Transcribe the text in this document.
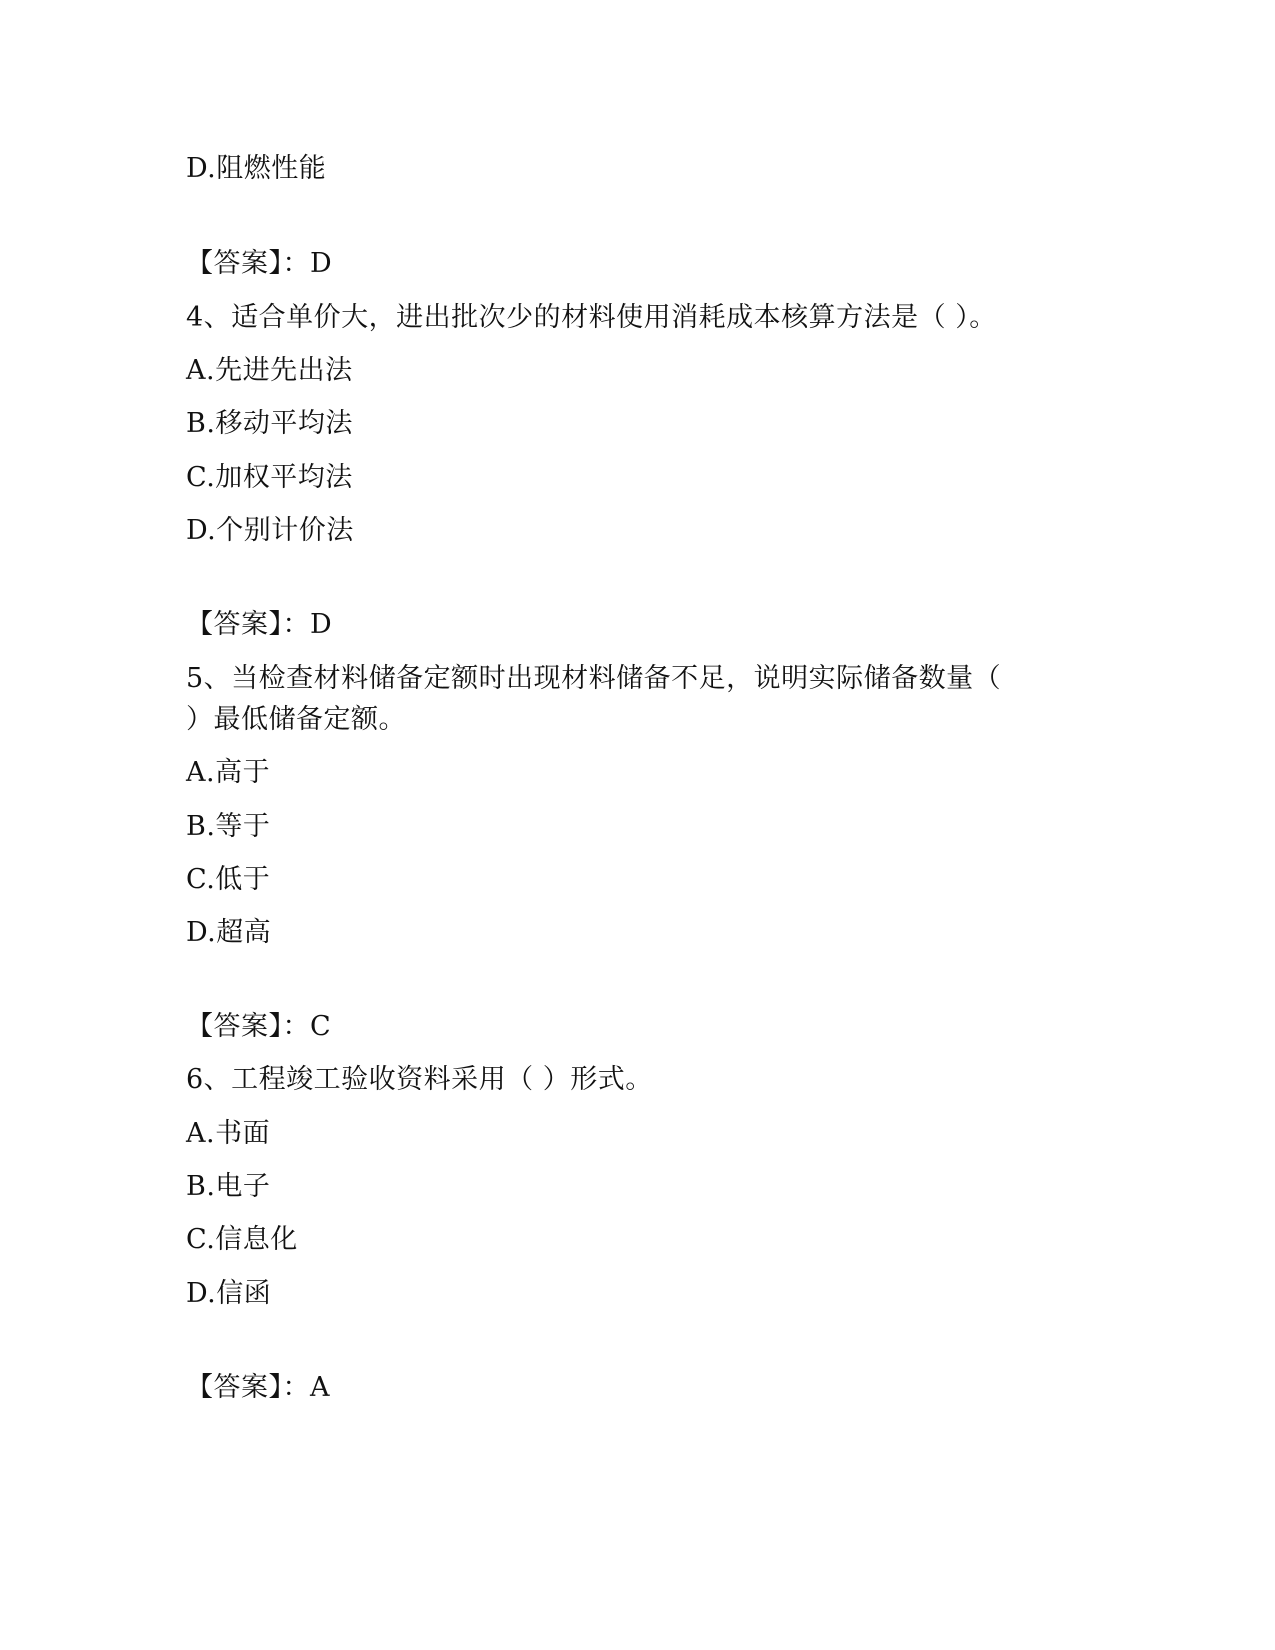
D.阻燃性能
【答案】：D
4、适合单价大，进出批次少的材料使用消耗成本核算方法是（ ）。
A.先进先出法
B.移动平均法
C.加权平均法
D.个别计价法
【答案】：D
5、当检查材料储备定额时出现材料储备不足，说明实际储备数量（
）最低储备定额。
A.高于
B.等于
C.低于
D.超高
【答案】：C
6、工程竣工验收资料采用（ ）形式。
A.书面
B.电子
C.信息化
D.信函
【答案】：A
